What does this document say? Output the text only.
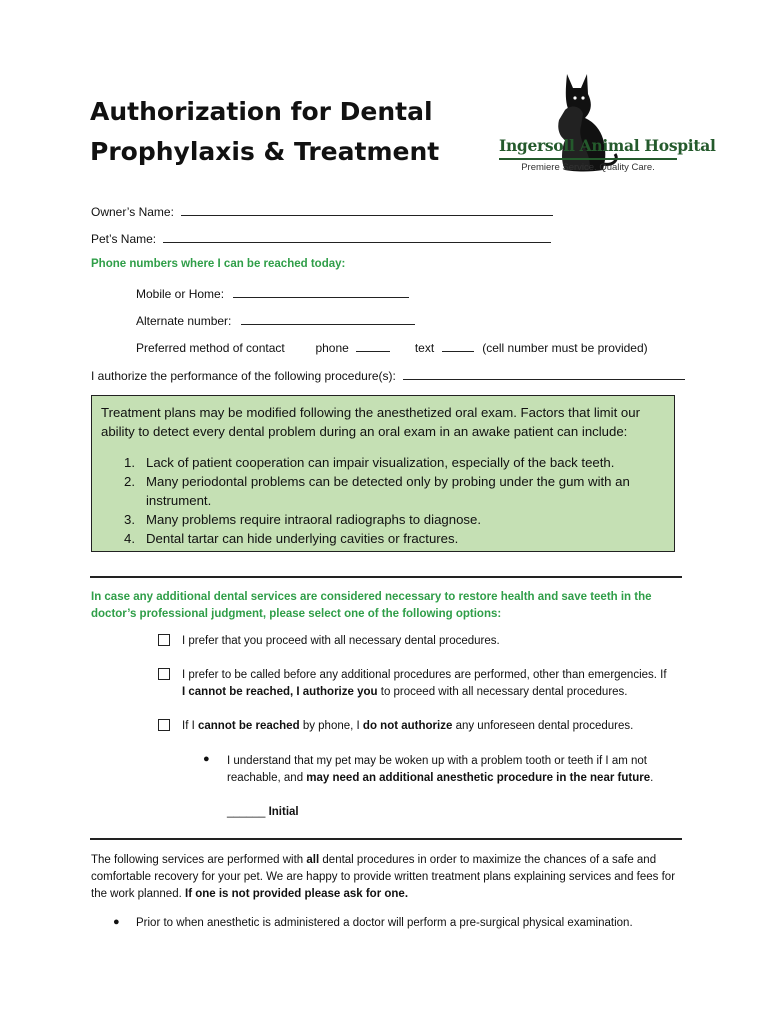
Authorization for Dental
Prophylaxis & Treatment	Ingersoll Animal Hospital
Premiere Service. Quality Care.
Owner’s Name:
Pet’s Name:
Phone numbers where I can be reached today:
Mobile or Home:
Alternate number:
Preferred method of contact	phone	text	(cell number must be provided)
I authorize the performance of the following procedure(s):
Treatment plans may be modified following the anesthetized oral exam. Factors that limit our ability to detect every dental problem during an oral exam in an awake patient can include:
1. Lack of patient cooperation can impair visualization, especially of the back teeth.
2. Many periodontal problems can be detected only by probing under the gum with an instrument.
3. Many problems require intraoral radiographs to diagnose.
4. Dental tartar can hide underlying cavities or fractures.
In case any additional dental services are considered necessary to restore health and save teeth in the doctor’s professional judgment, please select one of the following options:
I prefer that you proceed with all necessary dental procedures.
I prefer to be called before any additional procedures are performed, other than emergencies. If
I cannot be reached, I authorize you to proceed with all necessary dental procedures.
If I cannot be reached by phone, I do not authorize any unforeseen dental procedures.
● I understand that my pet may be woken up with a problem tooth or teeth if I am not reachable, and may need an additional anesthetic procedure in the near future.
______ Initial
The following services are performed with all dental procedures in order to maximize the chances of a safe and comfortable recovery for your pet. We are happy to provide written treatment plans explaining services and fees for the work planned. If one is not provided please ask for one.
● Prior to when anesthetic is administered a doctor will perform a pre-surgical physical examination.
